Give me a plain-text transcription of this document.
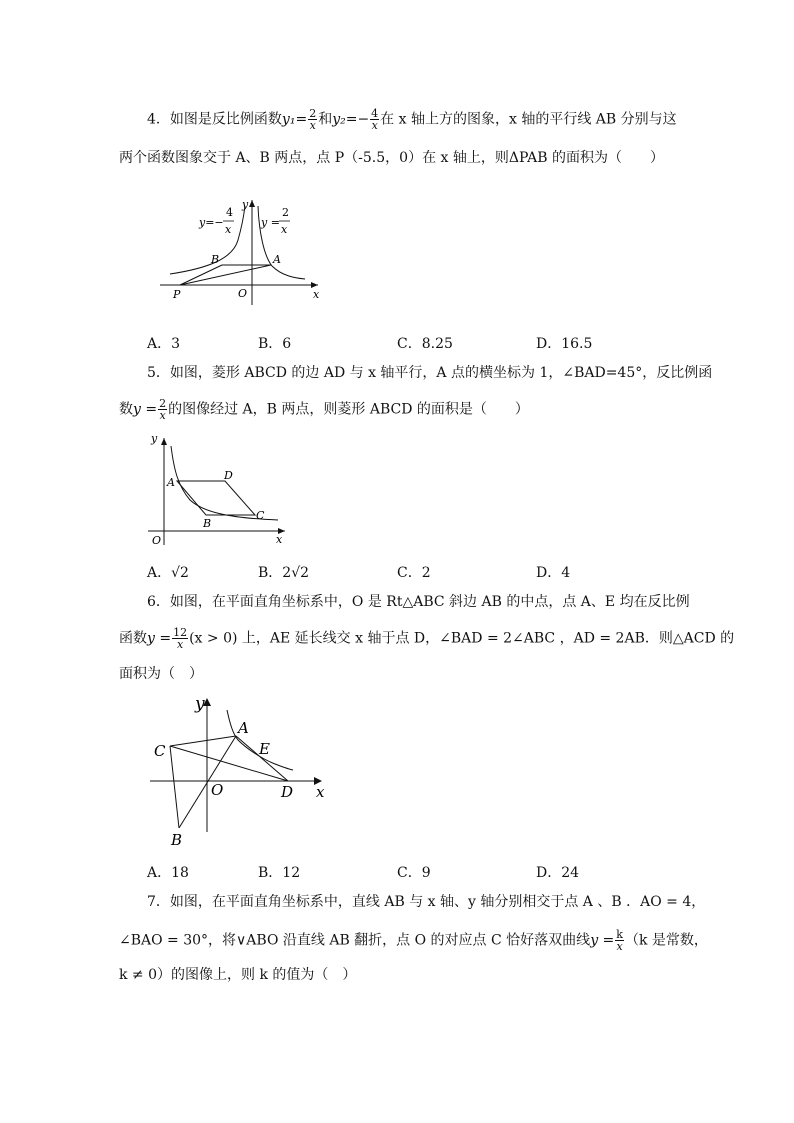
4．如图是反比例函数$y_1= \frac{2}{x}$ 和$y_2=- \frac{4}{x}$ 在 x 轴上方的图象，x 轴的平行线 AB 分别与这
两个函数图象交于 A、B 两点，点 P（-5.5，0）在 x 轴上，则ΔPAB 的面积为（　　）
y=−
4
x
y =
2
x
y
x
O
P
A
B
A．3	B．6	C．8.25	D．16.5
5．如图，菱形 ABCD 的边 AD 与 x 轴平行，A 点的横坐标为 1，∠BAD=45°，反比例函
数$y = \frac{2}{x}$ 的图像经过 A，B 两点，则菱形 ABCD 的面积是（　　）
y
x
O
A
D
B
C
A．√2	B．2√2	C．2	D．4
6．如图，在平面直角坐标系中，O 是 Rt△ABC 斜边 AB 的中点，点 A、E 均在反比例
函数$y = \frac{12}{x} (x > 0)$ 上，AE 延长线交 x 轴于点 D，∠BAD = 2∠ABC ，AD = 2AB．则△ACD 的
面积为（　）
y
x
O
A
E
C
B
D
A．18	B．12	C．9	D．24
7．如图，在平面直角坐标系中，直线 AB 与 x 轴、y 轴分别相交于点 A 、B ．AO = 4，
∠BAO = 30°，将∨ABO 沿直线 AB 翻折，点 O 的对应点 C 恰好落双曲线$y = \frac{k}{x} (k$ 是常数，
k ≠ 0）的图像上，则 k 的值为（　）
